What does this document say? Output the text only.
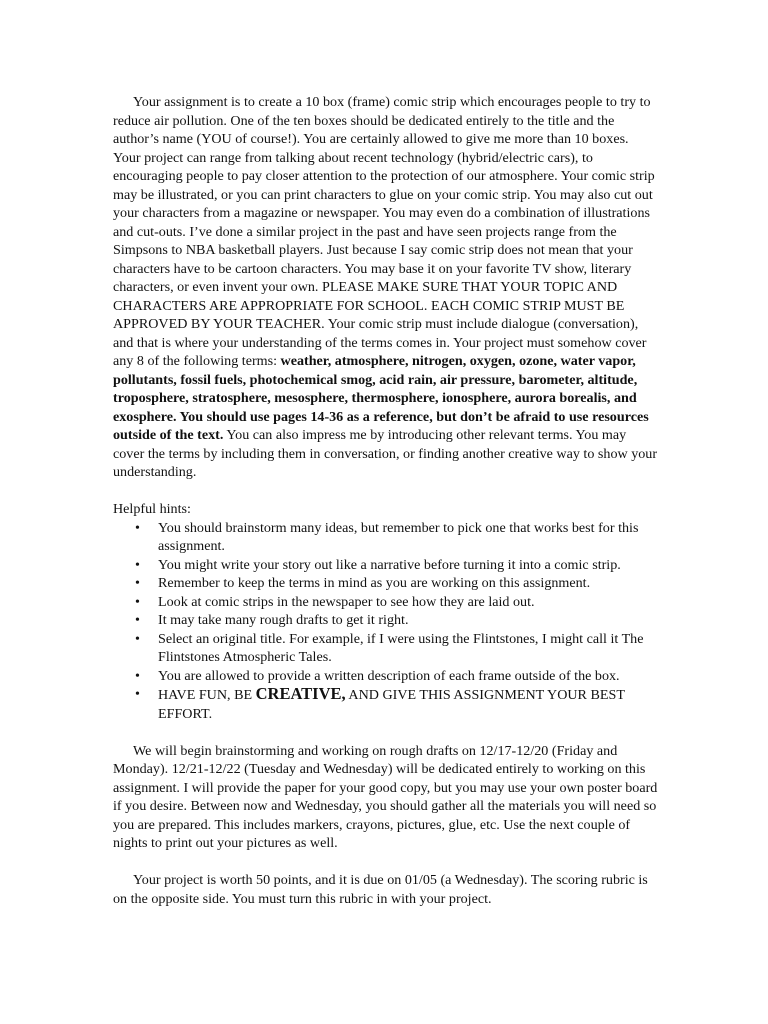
Your assignment is to create a 10 box (frame) comic strip which encourages people to try to reduce air pollution. One of the ten boxes should be dedicated entirely to the title and the author’s name (YOU of course!). You are certainly allowed to give me more than 10 boxes. Your project can range from talking about recent technology (hybrid/electric cars), to encouraging people to pay closer attention to the protection of our atmosphere. Your comic strip may be illustrated, or you can print characters to glue on your comic strip. You may also cut out your characters from a magazine or newspaper. You may even do a combination of illustrations and cut-outs. I’ve done a similar project in the past and have seen projects range from the Simpsons to NBA basketball players. Just because I say comic strip does not mean that your characters have to be cartoon characters. You may base it on your favorite TV show, literary characters, or even invent your own. PLEASE MAKE SURE THAT YOUR TOPIC AND CHARACTERS ARE APPROPRIATE FOR SCHOOL. EACH COMIC STRIP MUST BE APPROVED BY YOUR TEACHER. Your comic strip must include dialogue (conversation), and that is where your understanding of the terms comes in. Your project must somehow cover any 8 of the following terms: weather, atmosphere, nitrogen, oxygen, ozone, water vapor, pollutants, fossil fuels, photochemical smog, acid rain, air pressure, barometer, altitude, troposphere, stratosphere, mesosphere, thermosphere, ionosphere, aurora borealis, and exosphere. You should use pages 14-36 as a reference, but don’t be afraid to use resources outside of the text. You can also impress me by introducing other relevant terms. You may cover the terms by including them in conversation, or finding another creative way to show your understanding.

Helpful hints:

• You should brainstorm many ideas, but remember to pick one that works best for this assignment.
• You might write your story out like a narrative before turning it into a comic strip.
• Remember to keep the terms in mind as you are working on this assignment.
• Look at comic strips in the newspaper to see how they are laid out.
• It may take many rough drafts to get it right.
• Select an original title. For example, if I were using the Flintstones, I might call it The Flintstones Atmospheric Tales.
• You are allowed to provide a written description of each frame outside of the box.
• HAVE FUN, BE CREATIVE, AND GIVE THIS ASSIGNMENT YOUR BEST EFFORT.

We will begin brainstorming and working on rough drafts on 12/17-12/20 (Friday and Monday). 12/21-12/22 (Tuesday and Wednesday) will be dedicated entirely to working on this assignment. I will provide the paper for your good copy, but you may use your own poster board if you desire. Between now and Wednesday, you should gather all the materials you will need so you are prepared. This includes markers, crayons, pictures, glue, etc. Use the next couple of nights to print out your pictures as well.

Your project is worth 50 points, and it is due on 01/05 (a Wednesday). The scoring rubric is on the opposite side. You must turn this rubric in with your project.
